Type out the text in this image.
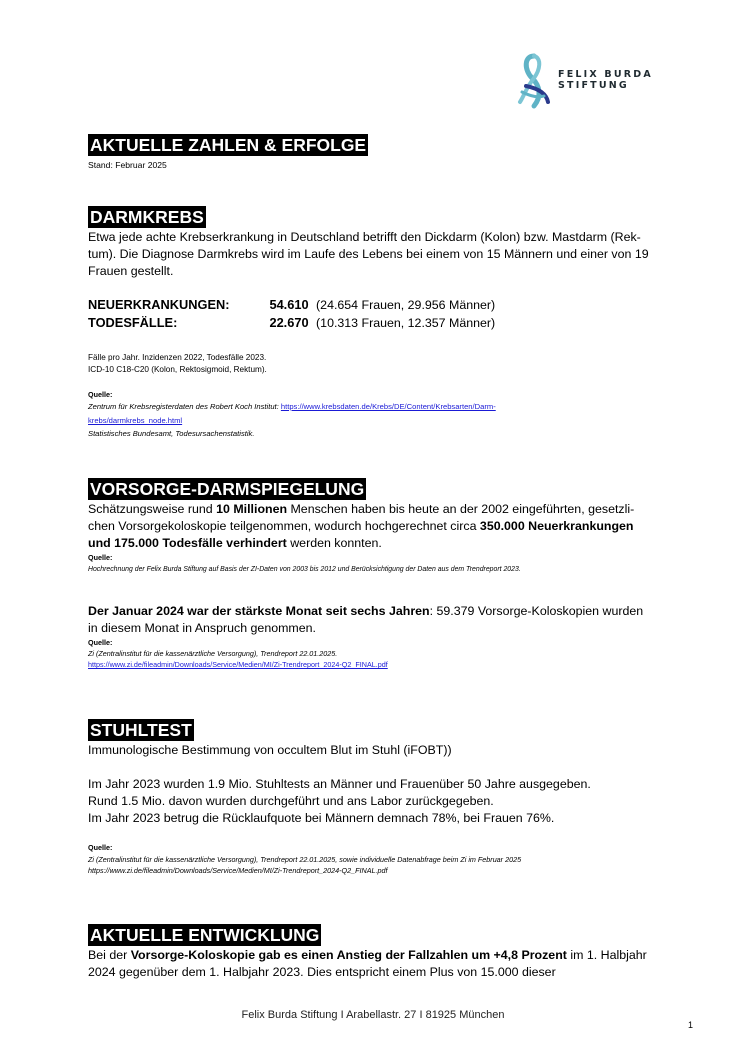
FELIX BURDA
STIFTUNG
AKTUELLE ZAHLEN & ERFOLGE
Stand: Februar 2025
DARMKREBS
Etwa jede achte Krebserkrankung in Deutschland betrifft den Dickdarm (Kolon) bzw. Mastdarm (Rek-
tum). Die Diagnose Darmkrebs wird im Laufe des Lebens bei einem von 15 Männern und einer von 19
Frauen gestellt.
NEUERKRANKUNGEN:	54.610 (24.654 Frauen, 29.956 Männer)
TODESFÄLLE:	22.670 (10.313 Frauen, 12.357 Männer)
Fälle pro Jahr. Inzidenzen 2022, Todesfälle 2023.
ICD-10 C18-C20 (Kolon, Rektosigmoid, Rektum).
Quelle:
Zentrum für Krebsregisterdaten des Robert Koch Institut: https://www.krebsdaten.de/Krebs/DE/Content/Krebsarten/Darm-
krebs/darmkrebs_node.html
Statistisches Bundesamt, Todesursachenstatistik.
VORSORGE-DARMSPIEGELUNG
Schätzungsweise rund 10 Millionen Menschen haben bis heute an der 2002 eingeführten, gesetzli-
chen Vorsorgekoloskopie teilgenommen, wodurch hochgerechnet circa 350.000 Neuerkrankungen
und 175.000 Todesfälle verhindert werden konnten.
Quelle:
Hochrechnung der Felix Burda Stiftung auf Basis der ZI-Daten von 2003 bis 2012 und Berücksichtigung der Daten aus dem Trendreport 2023.
Der Januar 2024 war der stärkste Monat seit sechs Jahren: 59.379 Vorsorge-Koloskopien wurden
in diesem Monat in Anspruch genommen.
Quelle:
Zi (Zentralinstitut für die kassenärztliche Versorgung), Trendreport 22.01.2025.
https://www.zi.de/fileadmin/Downloads/Service/Medien/MI/Zi-Trendreport_2024-Q2_FINAL.pdf
STUHLTEST
Immunologische Bestimmung von occultem Blut im Stuhl (iFOBT))
Im Jahr 2023 wurden 1.9 Mio. Stuhltests an Männer und Frauenüber 50 Jahre ausgegeben.
Rund 1.5 Mio. davon wurden durchgeführt und ans Labor zurückgegeben.
Im Jahr 2023 betrug die Rücklaufquote bei Männern demnach 78%, bei Frauen 76%.
Quelle:
Zi (Zentralinstitut für die kassenärztliche Versorgung), Trendreport 22.01.2025, sowie individuelle Datenabfrage beim Zi im Februar 2025
https://www.zi.de/fileadmin/Downloads/Service/Medien/MI/Zi-Trendreport_2024-Q2_FINAL.pdf
AKTUELLE ENTWICKLUNG
Bei der Vorsorge-Koloskopie gab es einen Anstieg der Fallzahlen um +4,8 Prozent im 1. Halbjahr
2024 gegenüber dem 1. Halbjahr 2023. Dies entspricht einem Plus von 15.000 dieser
Felix Burda Stiftung I Arabellastr. 27 I 81925 München
1
